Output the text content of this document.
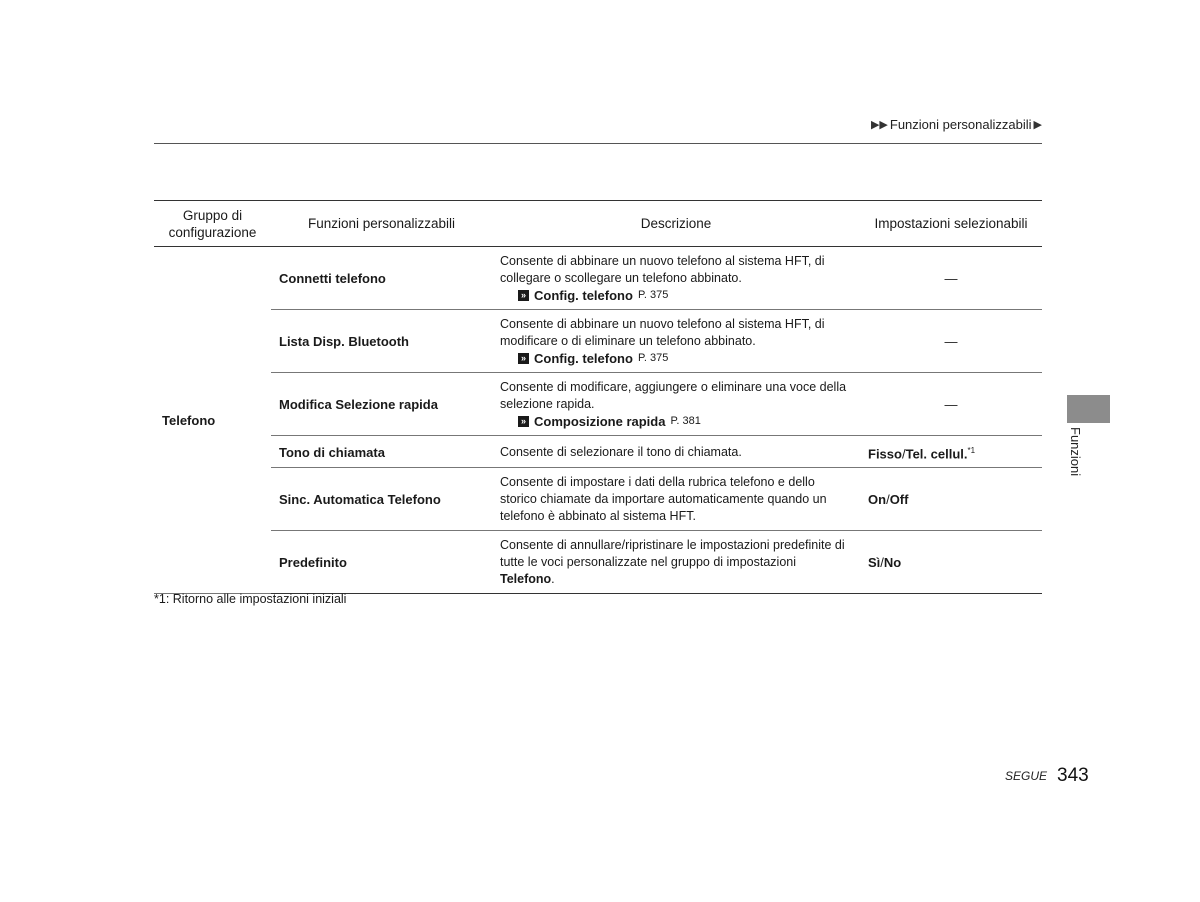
▶▶ Funzioni personalizzabili ▶
Gruppo di configurazione	Funzioni personalizzabili	Descrizione	Impostazioni selezionabili
Telefono	Connetti telefono	Consente di abbinare un nuovo telefono al sistema HFT, di collegare o scollegare un telefono abbinato.
» Config. telefono P. 375	—
	Lista Disp. Bluetooth	Consente di abbinare un nuovo telefono al sistema HFT, di modificare o di eliminare un telefono abbinato.
» Config. telefono P. 375	—
	Modifica Selezione rapida	Consente di modificare, aggiungere o eliminare una voce della selezione rapida.
» Composizione rapida P. 381	—
	Tono di chiamata	Consente di selezionare il tono di chiamata.	Fisso/Tel. cellul.$^{*1}$
	Sinc. Automatica Telefono	Consente di impostare i dati della rubrica telefono e dello storico chiamate da importare automaticamente quando un telefono è abbinato al sistema HFT.	On/Off
	Predefinito	Consente di annullare/ripristinare le impostazioni predefinite di tutte le voci personalizzate nel gruppo di impostazioni Telefono.	Sì/No
*1: Ritorno alle impostazioni iniziali
Funzioni
SEGUE 343
